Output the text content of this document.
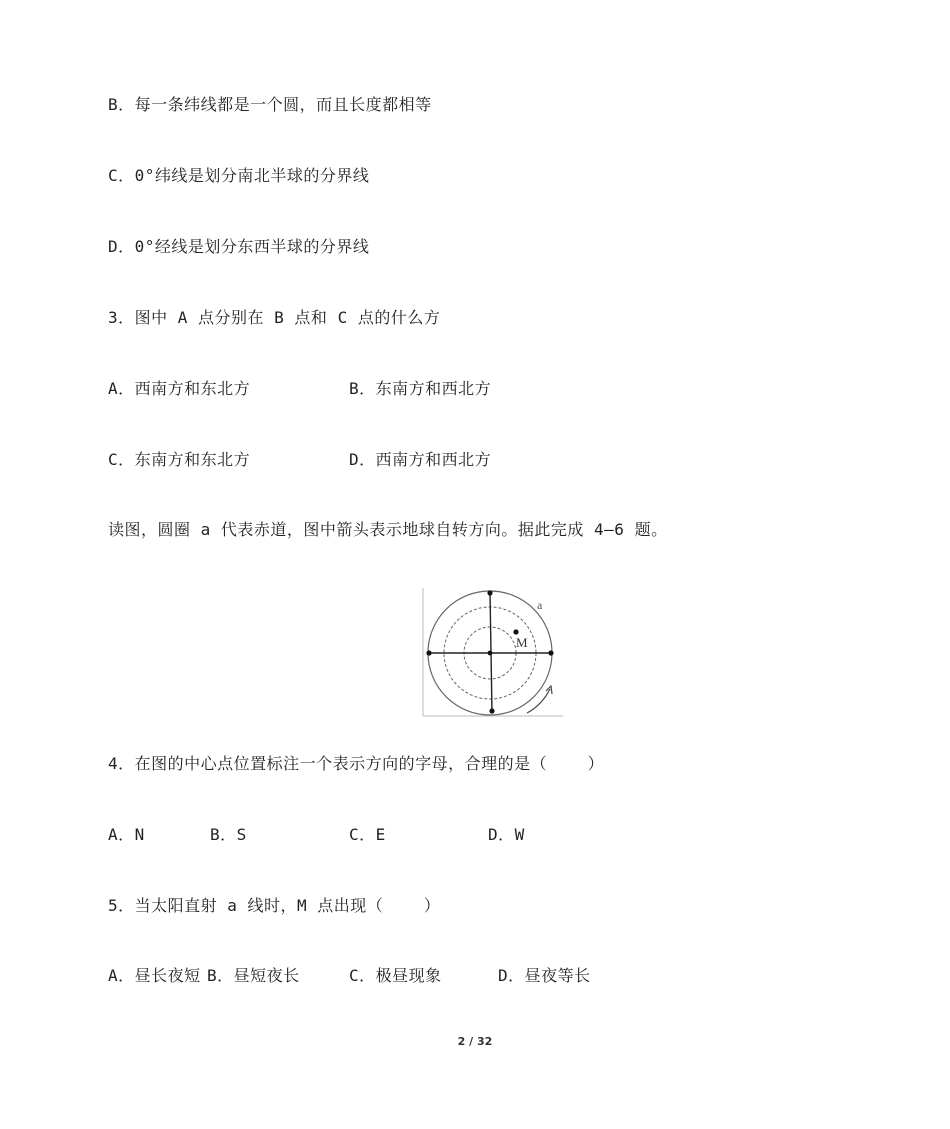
B．每一条纬线都是一个圆，而且长度都相等
C．0°纬线是划分南北半球的分界线
D．0°经线是划分东西半球的分界线
3．图中 A 点分别在 B 点和 C 点的什么方
A．西南方和东北方	B．东南方和西北方
C．东南方和东北方	D．西南方和西北方
读图，圆圈 a 代表赤道，图中箭头表示地球自转方向。据此完成 4—6 题。
M
a
4．在图的中心点位置标注一个表示方向的字母，合理的是（    ）
A．N	B．S	C．E	D．W
5．当太阳直射 a 线时，M 点出现（    ）
A．昼长夜短 B．昼短夜长	C．极昼现象	D．昼夜等长
2 / 32
